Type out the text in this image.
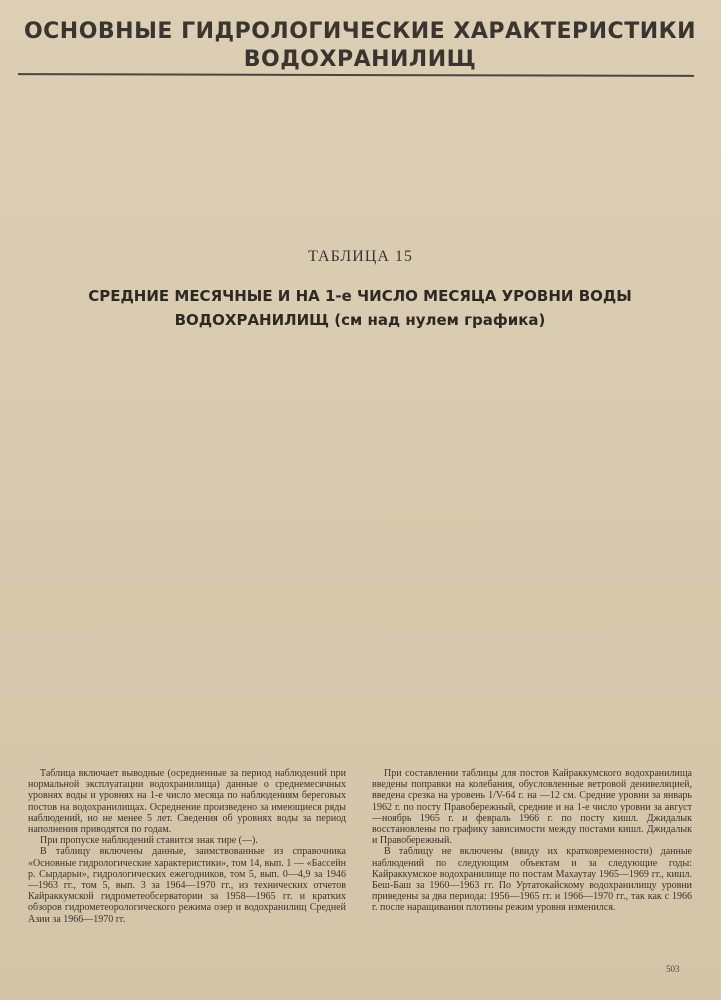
ОСНОВНЫЕ ГИДРОЛОГИЧЕСКИЕ ХАРАКТЕРИСТИКИ
ВОДОХРАНИЛИЩ
ТАБЛИЦА 15
СРЕДНИЕ МЕСЯЧНЫЕ И НА 1-е ЧИСЛО МЕСЯЦА УРОВНИ ВОДЫ
ВОДОХРАНИЛИЩ (см над нулем графика)

Таблица включает выводные (осредненные за период наблюдений при нормальной эксплуатации водохранилища) данные о среднемесячных уровнях воды и уровнях на 1-е число месяца по наблюдениям береговых постов на водохранилищах. Осреднение произведено за имеющиеся ряды наблюдений, но не менее 5 лет. Сведения об уровнях воды за период наполнения приводятся по годам.

При пропуске наблюдений ставится знак тире (—).

В таблицу включены данные, заимствованные из справочника «Основные гидрологические характеристики», том 14, вып. 1 — «Бассейн р. Сырдарьи», гидрологических ежегодников, том 5, вып. 0—4,9 за 1946—1963 гг., том 5, вып. 3 за 1964—1970 гг., из технических отчетов Кайраккумской гидрометеобсерватории за 1958—1965 гг. и кратких обзоров гидрометеорологического режима озер и водохранилищ Средней Азии за 1966—1970 гг.

При составлении таблицы для постов Кайраккумского водохранилища введены поправки на колебания, обусловленные ветровой денивеляцией, введена срезка на уровень 1/V-64 г. на —12 см. Средние уровни за январь 1962 г. по посту Правобережный, средние и на 1-е число уровни за август—ноябрь 1965 г. и февраль 1966 г. по посту кишл. Джидалык восстановлены по графику зависимости между постами кишл. Джидалык и Правобережный.

В таблицу не включены (ввиду их кратковременности) данные наблюдений по следующим объектам и за следующие годы: Кайраккумское водохранилище по постам Махаутау 1965—1969 гг., кишл. Беш-Баш за 1960—1963 гг. По Уртатокайскому водохранилищу уровни приведены за два периода: 1956—1965 гг. и 1966—1970 гг., так как с 1966 г. после наращивания плотины режим уровня изменился.

503
